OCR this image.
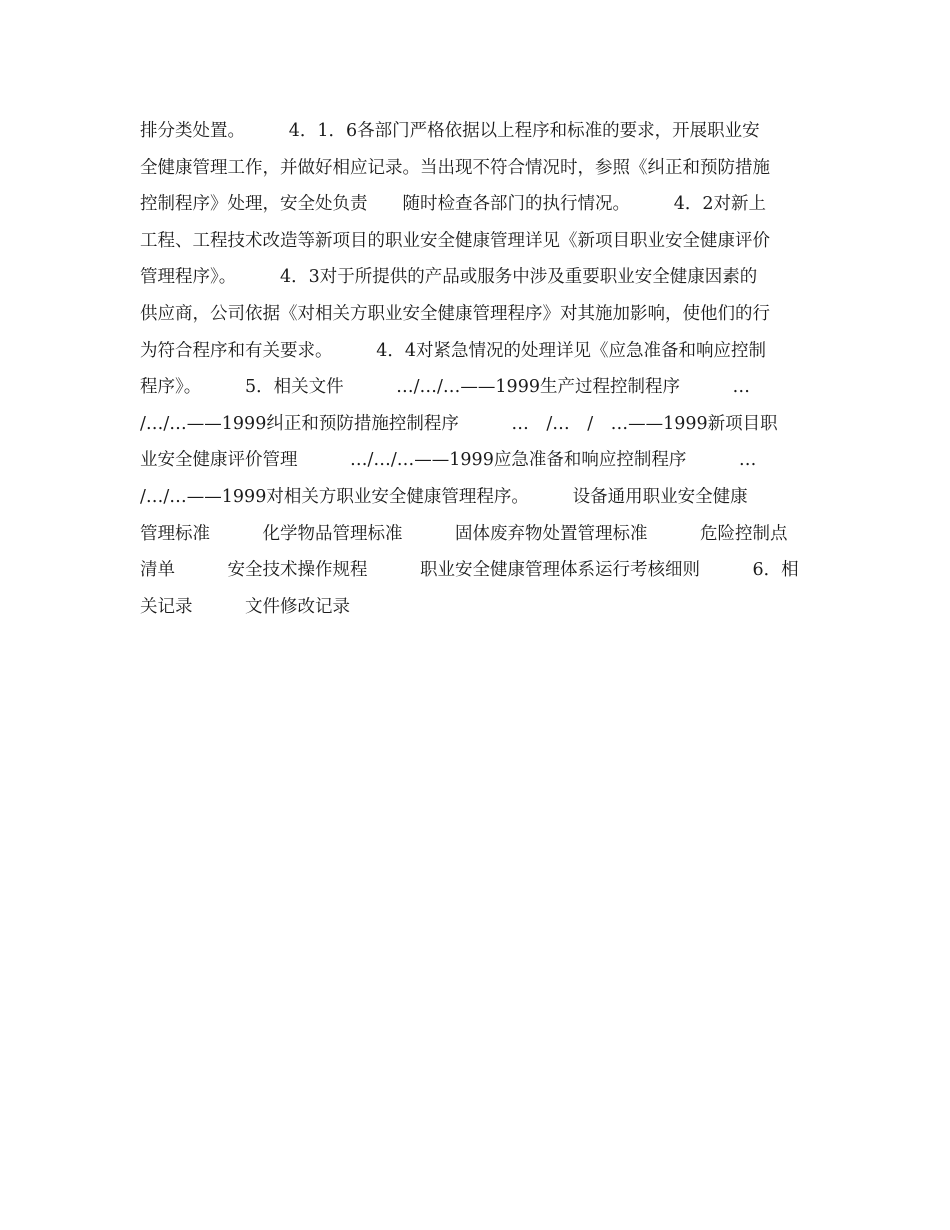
排分类处置。　　　4．1．6各部门严格依据以上程序和标准的要求，开展职业安
全健康管理工作，并做好相应记录。当出现不符合情况时，参照《纠正和预防措施
控制程序》处理，安全处负责　　随时检查各部门的执行情况。　　　4．2对新上
工程、工程技术改造等新项目的职业安全健康管理详见《新项目职业安全健康评价
管理程序》。　　　4．3对于所提供的产品或服务中涉及重要职业安全健康因素的
供应商，公司依据《对相关方职业安全健康管理程序》对其施加影响，使他们的行
为符合程序和有关要求。　　　4．4对紧急情况的处理详见《应急准备和响应控制
程序》。　　　5．相关文件　　　…/…/…——1999生产过程控制程序　　　…
/…/…——1999纠正和预防措施控制程序　　　…　/…　/　…——1999新项目职
业安全健康评价管理　　　…/…/…——1999应急准备和响应控制程序　　　…
/…/…——1999对相关方职业安全健康管理程序。　　　设备通用职业安全健康
管理标准　　　化学物品管理标准　　　固体废弃物处置管理标准　　　危险控制点
清单　　　安全技术操作规程　　　职业安全健康管理体系运行考核细则　　　6．相
关记录　　　文件修改记录
